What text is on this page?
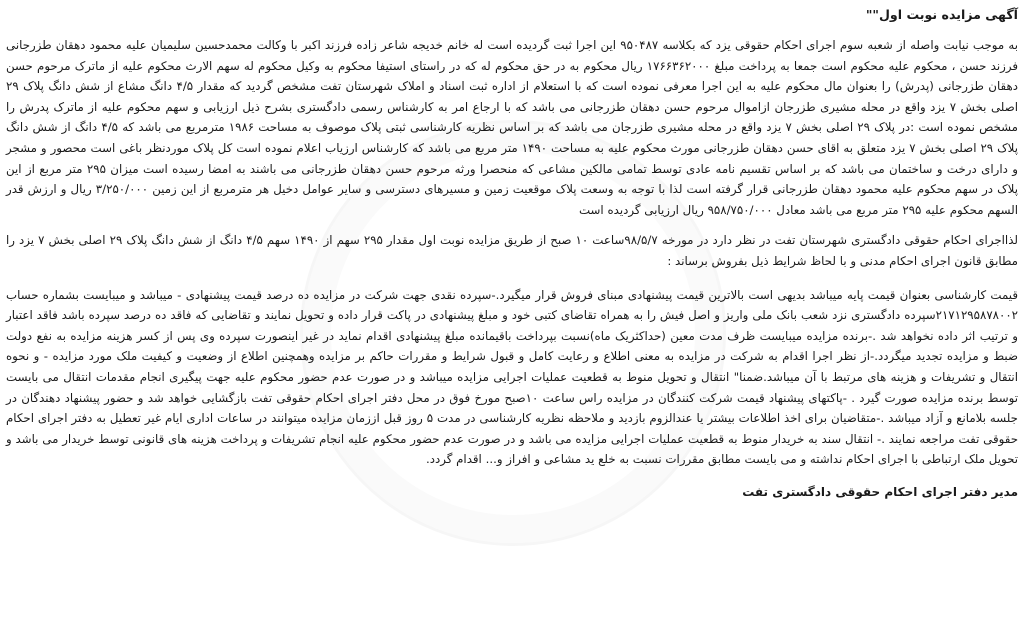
آگهی مزایده نوبت اول""

به موجب نیابت واصله از شعبه سوم اجرای احکام حقوقی یزد که بکلاسه ۹۵۰۴۸۷ این اجرا ثبت گردیده است له خانم خدیجه شاعر زاده فرزند اکبر با وکالت محمدحسین سلیمیان علیه محمود دهقان طزرجانی فرزند حسن ، محکوم علیه محکوم است جمعا به پرداخت مبلغ ۱۷۶۶۳۶۲۰۰۰ ریال محکوم به در حق محکوم له که در راستای استیفا محکوم به وکیل محکوم له سهم الارث محکوم علیه از ماترک مرحوم حسن دهقان طزرجانی (پدرش) را بعنوان مال محکوم علیه به این اجرا معرفی نموده است که با استعلام از اداره ثبت اسناد و املاک شهرستان تفت مشخص گردید که مقدار ۴/۵ دانگ مشاع از شش دانگ پلاک ۲۹ اصلی بخش ۷ یزد واقع در محله مشیری طزرجان ازاموال مرحوم حسن دهقان طزرجانی می باشد که با ارجاع امر به کارشناس رسمی دادگستری بشرح ذیل ارزیابی و سهم محکوم علیه از ماترک پدرش را مشخص نموده است :در پلاک ۲۹ اصلی بخش ۷ یزد واقع در محله مشیری طزرجان می باشد که بر اساس نظریه کارشناسی ثبتی پلاک موصوف به مساحت ۱۹۸۶ مترمربع می باشد که ۴/۵ دانگ از شش دانگ پلاک ۲۹ اصلی بخش ۷ یزد متعلق به اقای حسن دهقان طزرجانی مورث محکوم علیه به مساحت ۱۴۹۰ متر مربع می باشد که کارشناس ارزیاب اعلام نموده است کل پلاک موردنظر باغی است محصور و مشجر و دارای درخت و ساختمان می باشد که بر اساس تقسیم نامه عادی توسط تمامی مالکین مشاعی که منحصرا ورثه مرحوم حسن دهقان طزرجانی می باشند به امضا رسیده است میزان ۲۹۵ متر مربع از این پلاک در سهم محکوم علیه محمود دهقان طزرجانی قرار گرفته است لذا با توجه به وسعت پلاک موقعیت زمین و مسیرهای دسترسی و سایر عوامل دخیل هر مترمربع از این زمین ۳/۲۵۰/۰۰۰ ریال و ارزش قدر السهم محکوم علیه ۲۹۵ متر مربع می باشد معادل ۹۵۸/۷۵۰/۰۰۰ ریال ارزیابی گردیده است

لذااجرای احکام حقوقی دادگستری شهرستان تفت در نظر دارد در مورخه ۹۸/۵/۷ساعت ۱۰ صبح از طریق مزایده نوبت اول مقدار ۲۹۵ سهم از ۱۴۹۰ سهم ۴/۵ دانگ از شش دانگ پلاک ۲۹ اصلی بخش ۷ یزد را مطابق قانون اجرای احکام مدنی و با لحاظ شرایط ذیل بفروش برساند :

قیمت کارشناسی بعنوان قیمت پایه میباشد بدیهی است بالاترین قیمت پیشنهادی مبنای فروش قرار میگیرد.-سپرده نقدی جهت شرکت در مزایده ده درصد قیمت پیشنهادی - میباشد و میبایست بشماره حساب ۲۱۷۱۲۹۵۸۷۸۰۰۲سپرده دادگستری نزد شعب بانک ملی واریز و اصل فیش را به همراه تقاضای کتبی خود و مبلغ پیشنهادی در پاکت قرار داده و تحویل نمایند و تقاضایی که فاقد ده درصد سپرده باشد فاقد اعتبار و ترتیب اثر داده نخواهد شد .-برنده مزایده میبایست ظرف مدت معین (حداکثریک ماه)نسبت بپرداخت باقیمانده مبلغ پیشنهادی اقدام نماید در غیر اینصورت سپرده وی پس از کسر هزینه مزایده به نفع دولت ضبط و مزایده تجدید میگردد.-از نظر اجرا اقدام به شرکت در مزایده به معنی اطلاع و رعایت کامل و قبول شرایط و مقررات حاکم بر مزایده وهمچنین اطلاع از وضعیت و کیفیت ملک مورد مزایده - و نحوه انتقال و تشریفات و هزینه های مرتبط با آن میباشد.ضمنا" انتقال و تحویل منوط به قطعیت عملیات اجرایی مزایده میباشد و در صورت عدم حضور محکوم علیه جهت پیگیری انجام مقدمات انتقال می بایست توسط برنده مزایده صورت گیرد . -پاکتهای پیشنهاد قیمت شرکت کنندگان در مزایده راس ساعت ۱۰صبح مورخ فوق در محل دفتر اجرای احکام حقوقی تفت بازگشایی خواهد شد و حضور پیشنهاد دهندگان در جلسه بلامانع و آزاد میباشد .-متقاضیان برای اخذ اطلاعات بیشتر یا عندالزوم بازدید و ملاحظه نظریه کارشناسی در مدت ۵ روز قبل اززمان مزایده میتوانند در ساعات اداری ایام غیر تعطیل به دفتر اجرای احکام حقوقی تفت مراجعه نمایند .- انتقال سند به خریدار منوط به قطعیت عملیات اجرایی مزایده می باشد و در صورت عدم حضور محکوم علیه انجام تشریفات و پرداخت هزینه های قانونی توسط خریدار می باشد و تحویل ملک ارتباطی با اجرای احکام نداشته و می بایست مطابق مقررات نسبت به خلع ید مشاعی و افراز و... اقدام گردد.

مدیر دفتر اجرای احکام حقوقی دادگستری تفت
